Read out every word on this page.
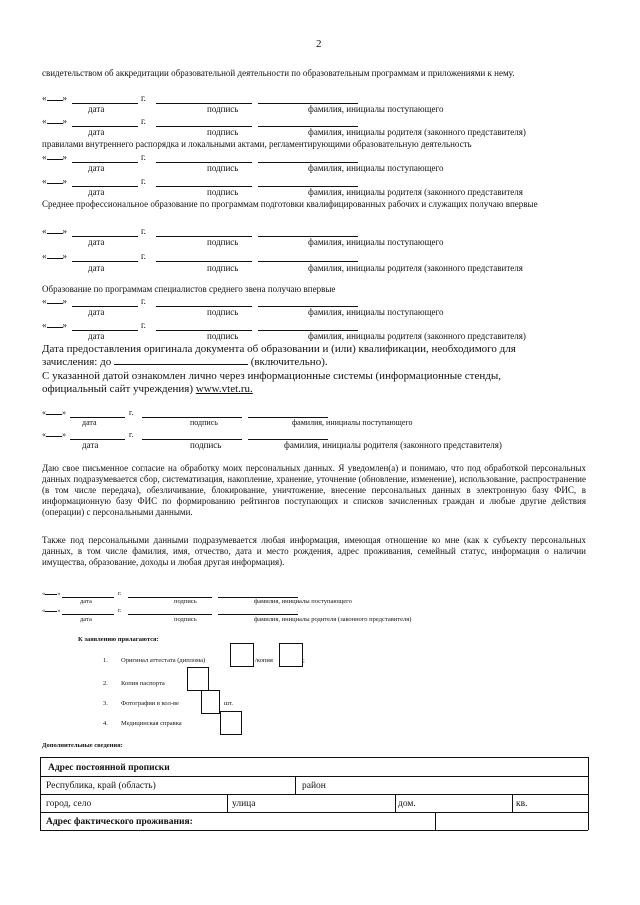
2
свидетельством об аккредитации образовательной деятельности по образовательным программам и приложениями к нему.
« »	г.
дата	подпись	фамилия, инициалы поступающего
« »	г.
дата	подпись	фамилия, инициалы родителя (законного представителя)
правилами внутреннего распорядка и локальными актами, регламентирующими образовательную деятельность
« »	г.
дата	подпись	фамилия, инициалы поступающего
« »	г.
дата	подпись	фамилия, инициалы родителя (законного представителя
Среднее профессиональное образование по программам подготовки квалифицированных рабочих и служащих получаю впервые
« »	г.
дата	подпись	фамилия, инициалы поступающего
« »	г.
дата	подпись	фамилия, инициалы родителя (законного представителя
Образование по программам специалистов среднего звена получаю впервые
« »	г.
дата	подпись	фамилия, инициалы поступающего
« »	г.
дата	подпись	фамилия, инициалы родителя (законного представителя)
Дата предоставления оригинала документа об образовании и (или) квалификации, необходимого для
зачисления: до	(включительно).
С указанной датой ознакомлен лично через информационные системы (информационные стенды,
официальный сайт учреждения) www.vtet.ru.
« »	г.
дата	подпись	фамилия, инициалы поступающего
« »	г.
дата	подпись	фамилия, инициалы родителя (законного представителя)
Даю свое письменное согласие на обработку моих персональных данных. Я уведомлен(а) и понимаю, что под обработкой персональных данных подразумевается сбор, систематизация, накопление, хранение, уточнение (обновление, изменение), использование, распространение (в том числе передача), обезличивание, блокирование, уничтожение, внесение персональных данных в электронную базу ФИС, в информационную базу ФИС по формированию рейтингов поступающих и списков зачисленных граждан и любые другие действия (операции) с персональными данными.
Также под персональными данными подразумевается любая информация, имеющая отношение ко мне (как к субъекту персональных данных, в том числе фамилия, имя, отчество, дата и место рождения, адрес проживания, семейный статус, информация о наличии имущества, образование, доходы и любая другая информация).
« »	г.
дата	подпись	фамилия, инициалы поступающего
« »	г.
дата	подпись	фамилия, инициалы родителя (законного представителя)
К заявлению прилагаются:
1. Оригинал аттестата (диплома)	/копия	;
2. Копия паспорта
3. Фотографии в кол-ве	шт.
4. Медицинская справка
Дополнительные сведения:
Адрес постоянной прописки
Республика, край (область)	район
город, село	улица	дом.	кв.
Адрес фактического проживания:
